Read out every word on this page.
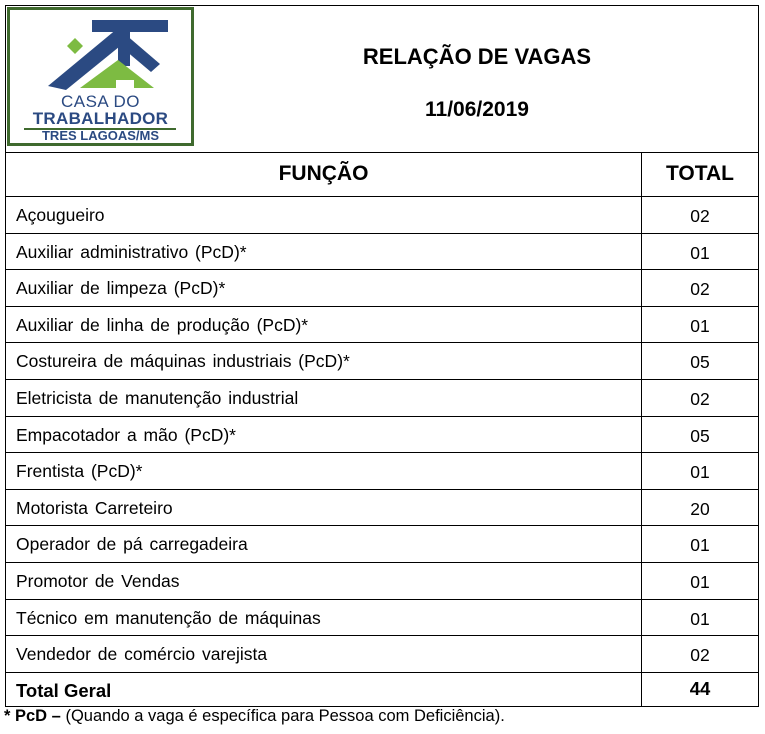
CASA DO
TRABALHADOR
TRES LAGOAS/MS
RELAÇÃO DE VAGAS
11/06/2019
FUNÇÃO	TOTAL
Açougueiro	02
Auxiliar administrativo (PcD)*	01
Auxiliar de limpeza (PcD)*	02
Auxiliar de linha de produção (PcD)*	01
Costureira de máquinas industriais (PcD)*	05
Eletricista de manutenção industrial	02
Empacotador a mão (PcD)*	05
Frentista (PcD)*	01
Motorista Carreteiro	20
Operador de pá carregadeira	01
Promotor de Vendas	01
Técnico em manutenção de máquinas	01
Vendedor de comércio varejista	02
Total Geral	44
* PcD – (Quando a vaga é específica para Pessoa com Deficiência).
